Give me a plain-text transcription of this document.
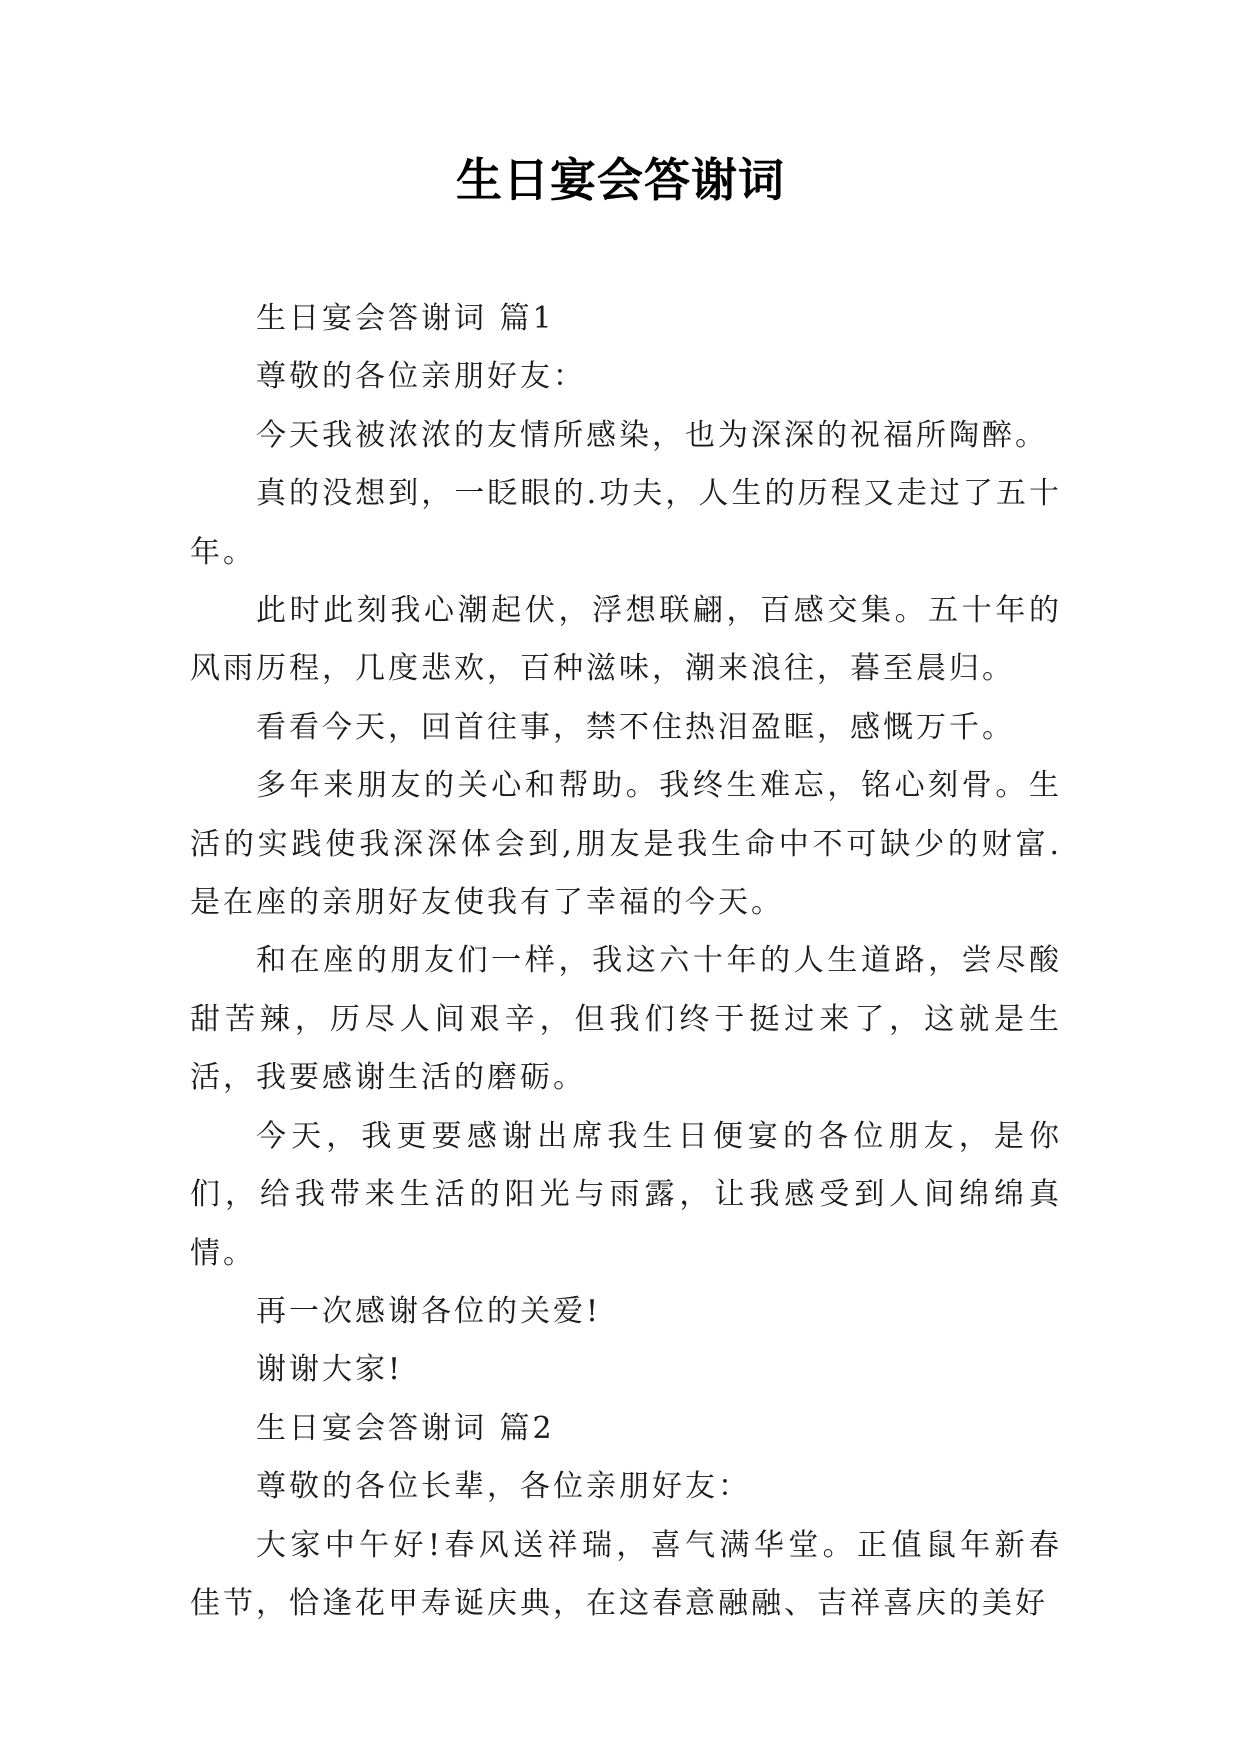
生日宴会答谢词

生日宴会答谢词 篇1

尊敬的各位亲朋好友：

今天我被浓浓的友情所感染，也为深深的祝福所陶醉。

真的没想到，一眨眼的.功夫，人生的历程又走过了五十年。

此时此刻我心潮起伏，浮想联翩，百感交集。五十年的风雨历程，几度悲欢，百种滋味，潮来浪往，暮至晨归。

看看今天，回首往事，禁不住热泪盈眶，感慨万千。

多年来朋友的关心和帮助。我终生难忘，铭心刻骨。生活的实践使我深深体会到,朋友是我生命中不可缺少的财富.是在座的亲朋好友使我有了幸福的今天。

和在座的朋友们一样，我这六十年的人生道路，尝尽酸甜苦辣，历尽人间艰辛，但我们终于挺过来了，这就是生活，我要感谢生活的磨砺。

今天，我更要感谢出席我生日便宴的各位朋友，是你们，给我带来生活的阳光与雨露，让我感受到人间绵绵真情。

再一次感谢各位的关爱!

谢谢大家!

生日宴会答谢词 篇2

尊敬的各位长辈，各位亲朋好友：

大家中午好!春风送祥瑞，喜气满华堂。正值鼠年新春佳节，恰逢花甲寿诞庆典，在这春意融融、吉祥喜庆的美好
